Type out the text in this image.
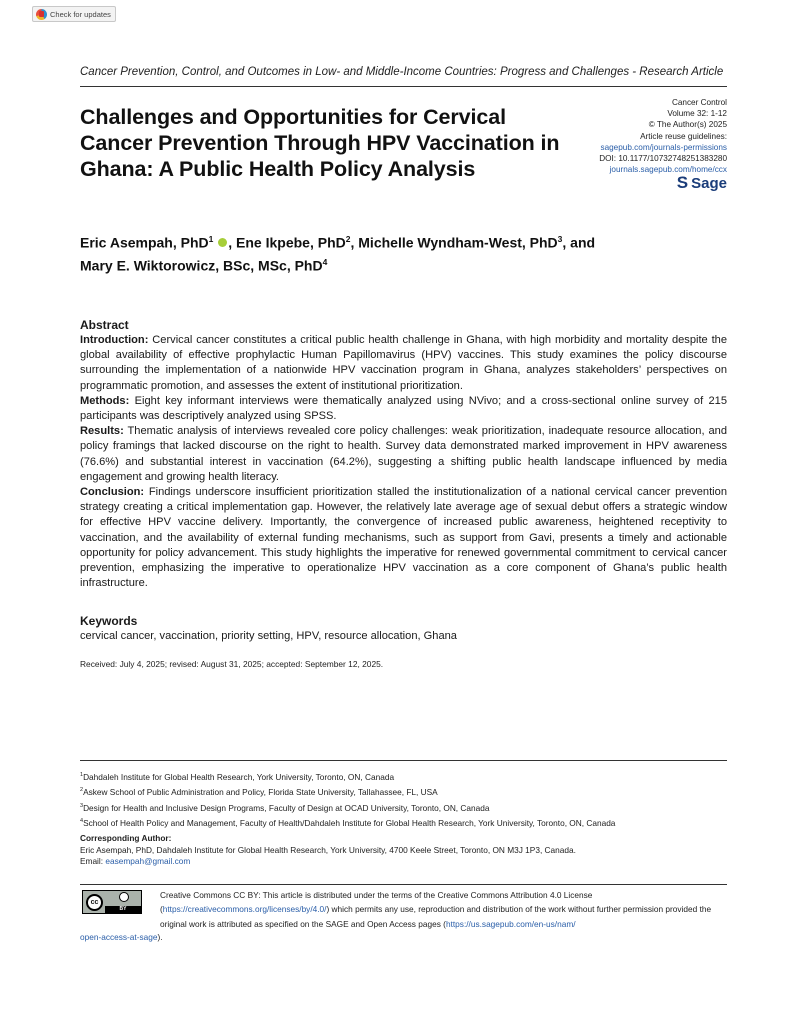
Check for updates
Cancer Prevention, Control, and Outcomes in Low- and Middle-Income Countries: Progress and Challenges - Research Article
Challenges and Opportunities for Cervical Cancer Prevention Through HPV Vaccination in Ghana: A Public Health Policy Analysis
Cancer Control
Volume 32: 1-12
© The Author(s) 2025
Article reuse guidelines:
sagepub.com/journals-permissions
DOI: 10.1177/10732748251383280
journals.sagepub.com/home/ccx
S Sage
Eric Asempah, PhD$^1$ , Ene Ikpebe, PhD$^2$, Michelle Wyndham-West, PhD$^3$, and
Mary E. Wiktorowicz, BSc, MSc, PhD$^4$
Abstract

Introduction: Cervical cancer constitutes a critical public health challenge in Ghana, with high morbidity and mortality despite the global availability of effective prophylactic Human Papillomavirus (HPV) vaccines. This study examines the policy discourse surrounding the implementation of a nationwide HPV vaccination program in Ghana, analyzes stakeholders’ perspectives on programmatic promotion, and assesses the extent of institutional prioritization.

Methods: Eight key informant interviews were thematically analyzed using NVivo; and a cross-sectional online survey of 215 participants was descriptively analyzed using SPSS.

Results: Thematic analysis of interviews revealed core policy challenges: weak prioritization, inadequate resource allocation, and policy framings that lacked discourse on the right to health. Survey data demonstrated marked improvement in HPV awareness (76.6%) and substantial interest in vaccination (64.2%), suggesting a shifting public health landscape influenced by media engagement and growing health literacy.

Conclusion: Findings underscore insufficient prioritization stalled the institutionalization of a national cervical cancer prevention strategy creating a critical implementation gap. However, the relatively late average age of sexual debut offers a strategic window for effective HPV vaccine delivery. Importantly, the convergence of increased public awareness, heightened receptivity to vaccination, and the availability of external funding mechanisms, such as support from Gavi, presents a timely and actionable opportunity for policy advancement. This study highlights the imperative for renewed governmental commitment to cervical cancer prevention, emphasizing the imperative to operationalize HPV vaccination as a core component of Ghana’s public health infrastructure.

Keywords

cervical cancer, vaccination, priority setting, HPV, resource allocation, Ghana

Received: July 4, 2025; revised: August 31, 2025; accepted: September 12, 2025.
$^1$Dahdaleh Institute for Global Health Research, York University, Toronto, ON, Canada
$^2$Askew School of Public Administration and Policy, Florida State University, Tallahassee, FL, USA
$^3$Design for Health and Inclusive Design Programs, Faculty of Design at OCAD University, Toronto, ON, Canada
$^4$School of Health Policy and Management, Faculty of Health/Dahdaleh Institute for Global Health Research, York University, Toronto, ON, Canada
Corresponding Author:
Eric Asempah, PhD, Dahdaleh Institute for Global Health Research, York University, 4700 Keele Street, Toronto, ON M3J 1P3, Canada.
Email: easempah@gmail.com
cc
BY
Creative Commons CC BY: This article is distributed under the terms of the Creative Commons Attribution 4.0 License (https://creativecommons.org/licenses/by/4.0/) which permits any use, reproduction and distribution of the work without further permission provided the original work is attributed as specified on the SAGE and Open Access pages (https://us.sagepub.com/en-us/nam/
open-access-at-sage).
